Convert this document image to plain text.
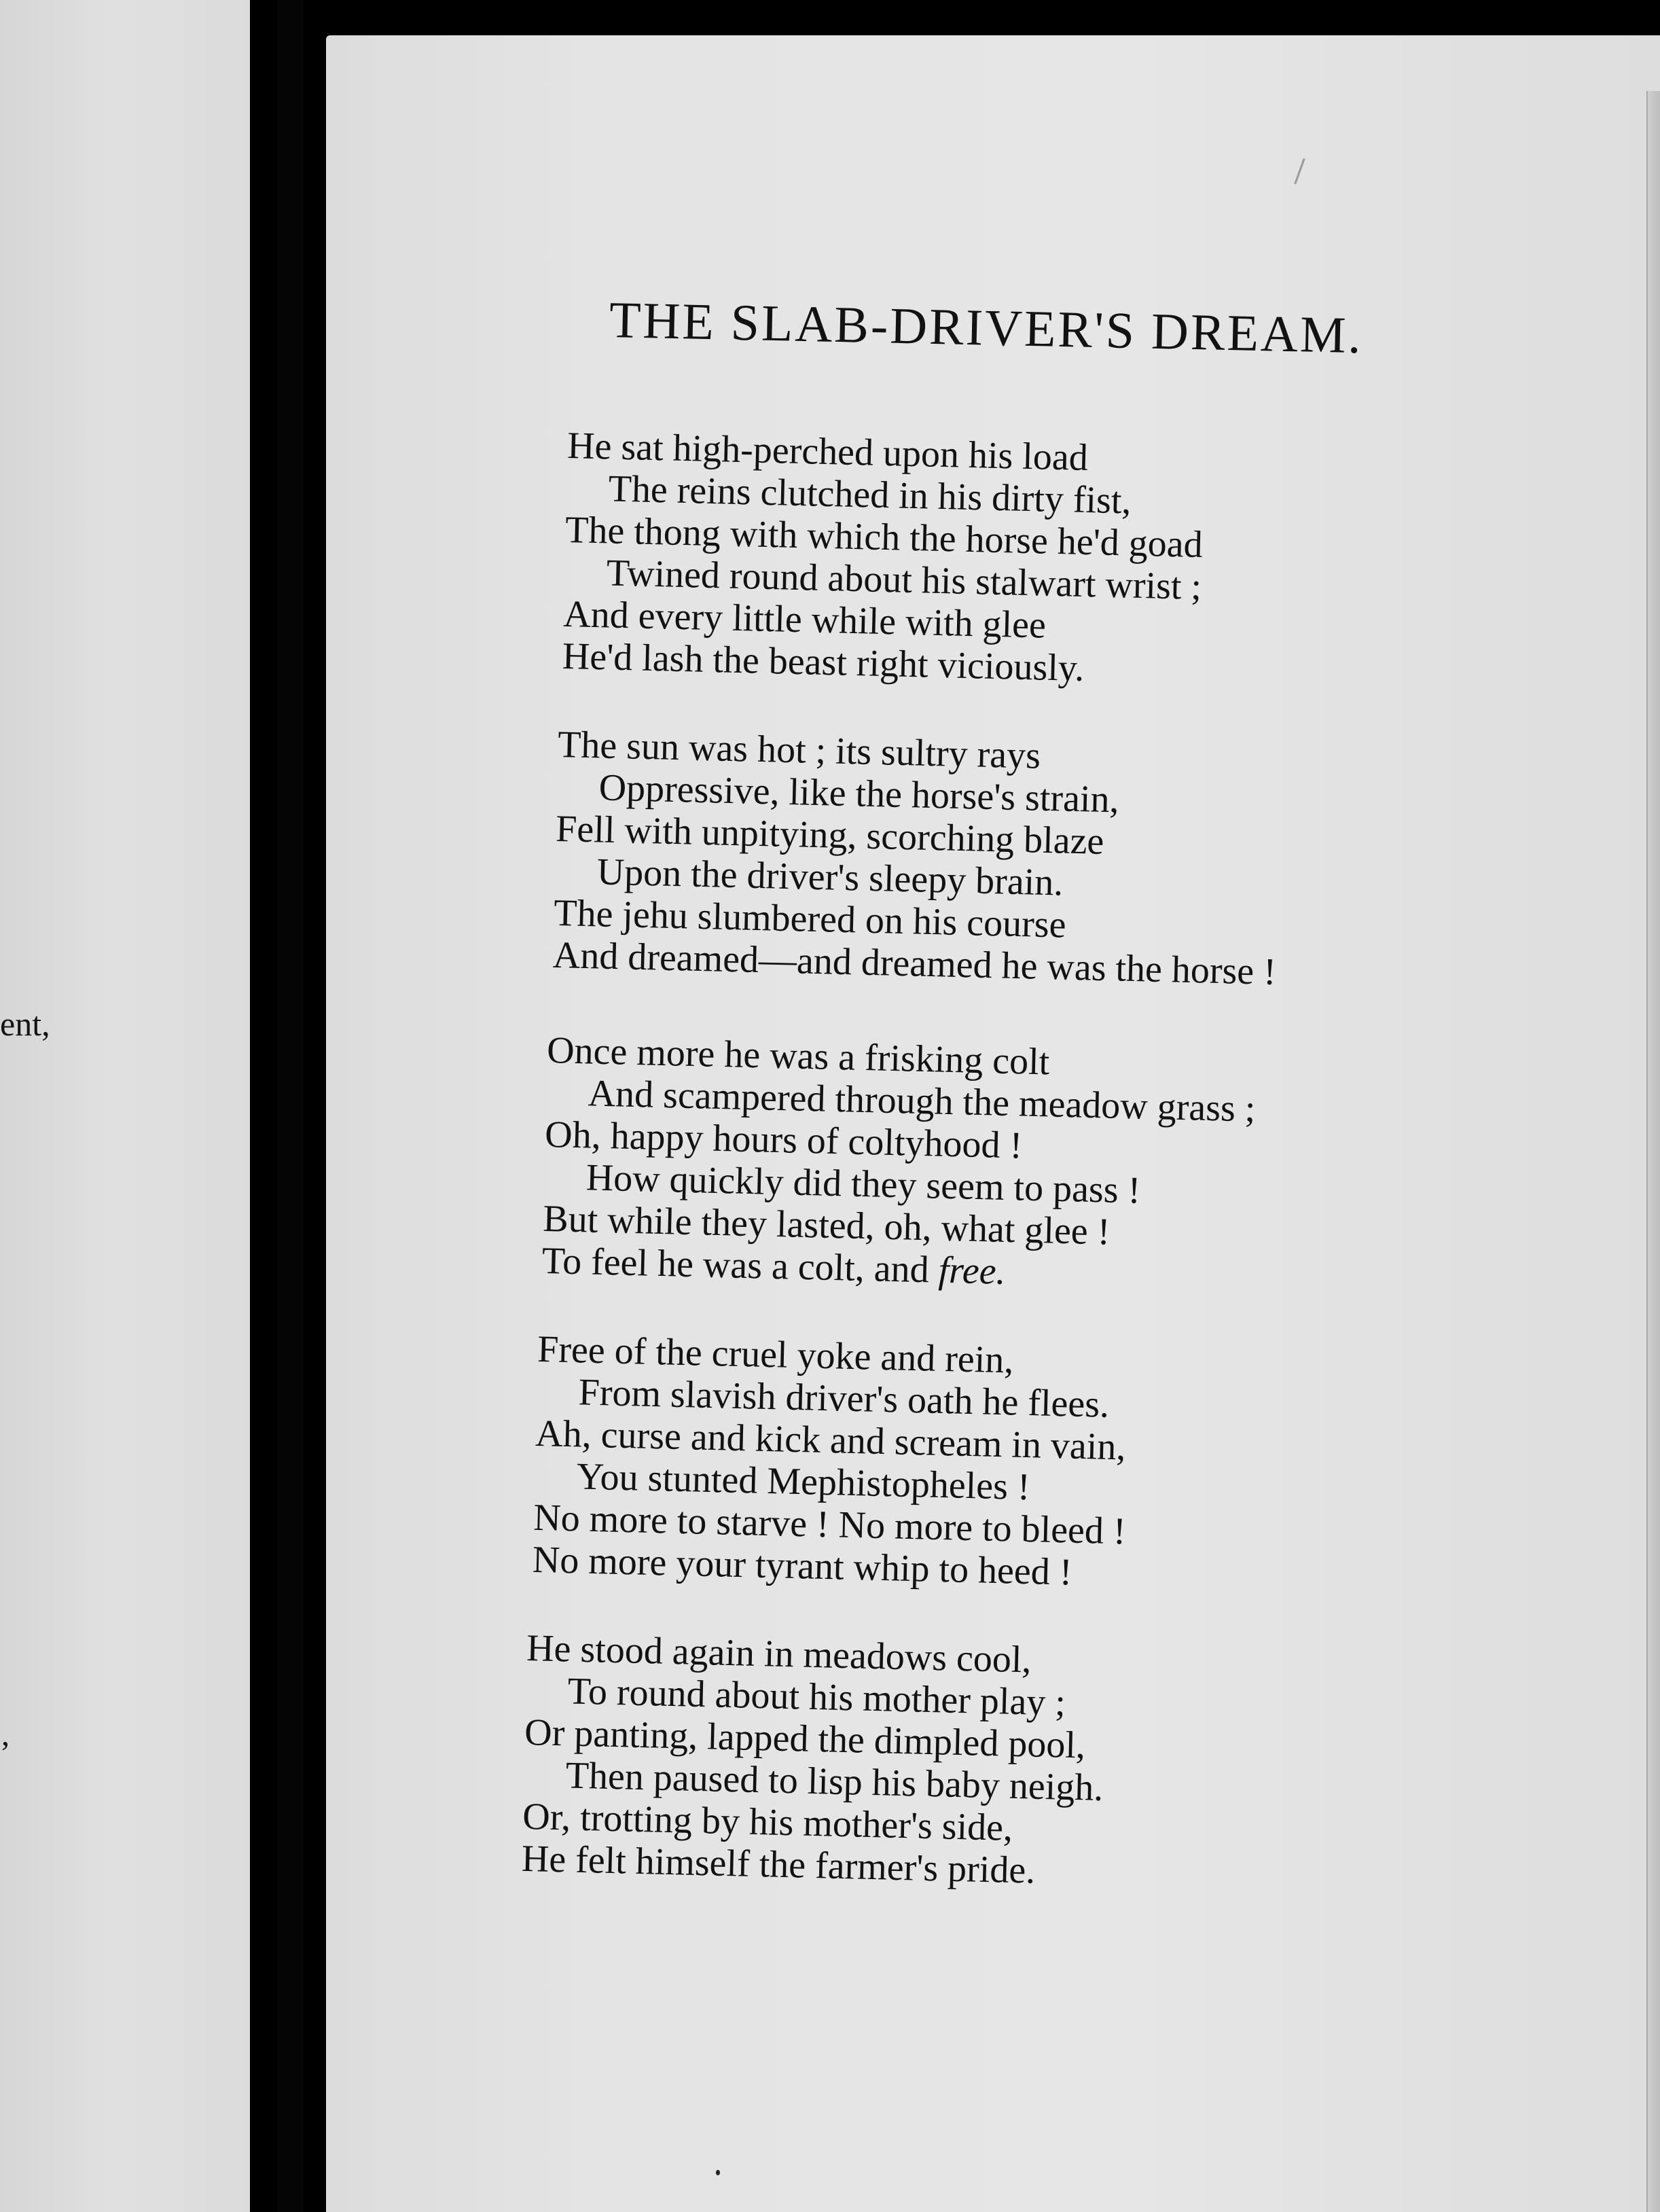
ent,
,
THE SLAB-DRIVER'S DREAM.
He sat high-perched upon his load
The reins clutched in his dirty fist,
The thong with which the horse he'd goad
Twined round about his stalwart wrist ;
And every little while with glee
He'd lash the beast right viciously.
The sun was hot ; its sultry rays
Oppressive, like the horse's strain,
Fell with unpitying, scorching blaze
Upon the driver's sleepy brain.
The jehu slumbered on his course
And dreamed—and dreamed he was the horse !
Once more he was a frisking colt
And scampered through the meadow grass ;
Oh, happy hours of coltyhood !
How quickly did they seem to pass !
But while they lasted, oh, what glee !
To feel he was a colt, and free.
Free of the cruel yoke and rein,
From slavish driver's oath he flees.
Ah, curse and kick and scream in vain,
You stunted Mephistopheles !
No more to starve ! No more to bleed !
No more your tyrant whip to heed !
He stood again in meadows cool,
To round about his mother play ;
Or panting, lapped the dimpled pool,
Then paused to lisp his baby neigh.
Or, trotting by his mother's side,
He felt himself the farmer's pride.
